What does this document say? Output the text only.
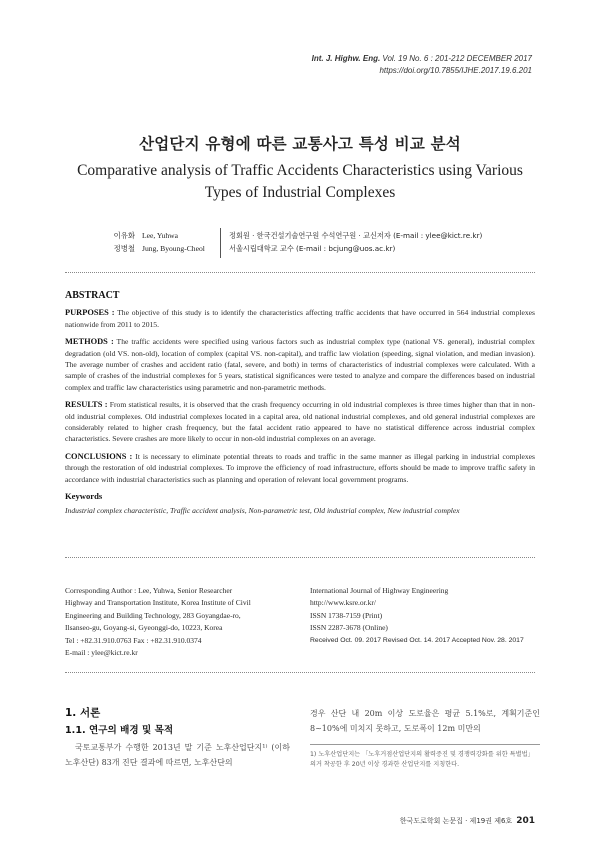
Int. J. Highw. Eng. Vol. 19 No. 6 : 201-212 DECEMBER 2017
https://doi.org/10.7855/IJHE.2017.19.6.201
산업단지 유형에 따른 교통사고 특성 비교 분석
Comparative analysis of Traffic Accidents Characteristics using Various Types of Industrial Complexes
이유화 Lee, Yuhwa	정회원 · 한국건설기술연구원 수석연구원 · 교신저자 (E-mail : ylee@kict.re.kr)
정병철 Jung, Byoung-Cheol	서울시립대학교 교수 (E-mail : bcjung@uos.ac.kr)
ABSTRACT

PURPOSES : The objective of this study is to identify the characteristics affecting traffic accidents that have occurred in 564 industrial complexes nationwide from 2011 to 2015.

METHODS : The traffic accidents were specified using various factors such as industrial complex type (national VS. general), industrial complex degradation (old VS. non-old), location of complex (capital VS. non-capital), and traffic law violation (speeding, signal violation, and median invasion). The average number of crashes and accident ratio (fatal, severe, and both) in terms of characteristics of industrial complexes were calculated. With a sample of crashes of the industrial complexes for 5 years, statistical significances were tested to analyze and compare the differences based on industrial complex and traffic law characteristics using parametric and non-parametric methods.

RESULTS : From statistical results, it is observed that the crash frequency occurring in old industrial complexes is three times higher than that in non-old industrial complexes. Old industrial complexes located in a capital area, old national industrial complexes, and old general industrial complexes are considerably related to higher crash frequency, but the fatal accident ratio appeared to have no statistical difference across industrial complex characteristics. Severe crashes are more likely to occur in non-old industrial complexes on an average.

CONCLUSIONS : It is necessary to eliminate potential threats to roads and traffic in the same manner as illegal parking in industrial complexes through the restoration of old industrial complexes. To improve the efficiency of road infrastructure, efforts should be made to improve traffic safety in accordance with industrial characteristics such as planning and operation of relevant local government programs.

Keywords

Industrial complex characteristic, Traffic accident analysis, Non-parametric test, Old industrial complex, New industrial complex

Corresponding Author : Lee, Yuhwa, Senior Researcher
Highway and Transportation Institute, Korea Institute of Civil
Engineering and Building Technology, 283 Goyangdae-ro,
Ilsanseo-gu, Goyang-si, Gyeonggi-do, 10223, Korea
Tel : +82.31.910.0763 Fax : +82.31.910.0374
E-mail : ylee@kict.re.kr
International Journal of Highway Engineering
http://www.ksre.or.kr/
ISSN 1738-7159 (Print)
ISSN 2287-3678 (Online)
Received Oct. 09. 2017 Revised Oct. 14. 2017 Accepted Nov. 28. 2017
1. 서론
1.1. 연구의 배경 및 목적
국토교통부가 수행한 2013년 말 기준 노후산업단지¹⁾ (이하 노후산단) 83개 진단 결과에 따르면, 노후산단의
경우 산단 내 20m 이상 도로율은 평균 5.1%로, 계획기준인 8~10%에 미치지 못하고, 도로폭이 12m 미만의
1) 노후산업단지는 「노후거점산업단지의 활력증진 및 경쟁력강화를 위한 특별법」 의거 착공한 후 20년 이상 경과한 산업단지를 지칭한다.
한국도로학회 논문집 · 제19권 제6호 201
